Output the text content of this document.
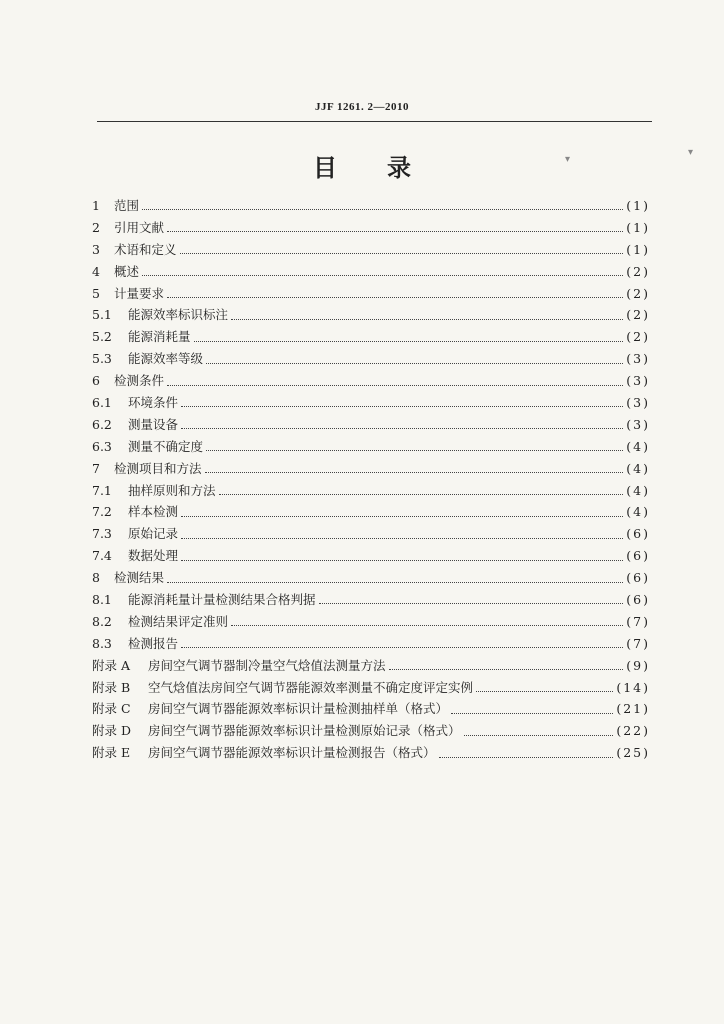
JJF 1261. 2—2010
目录
1	范围	(1)
2	引用文献	(1)
3	术语和定义	(1)
4	概述	(2)
5	计量要求	(2)
5.1	能源效率标识标注	(2)
5.2	能源消耗量	(2)
5.3	能源效率等级	(3)
6	检测条件	(3)
6.1	环境条件	(3)
6.2	测量设备	(3)
6.3	测量不确定度	(4)
7	检测项目和方法	(4)
7.1	抽样原则和方法	(4)
7.2	样本检测	(4)
7.3	原始记录	(6)
7.4	数据处理	(6)
8	检测结果	(6)
8.1	能源消耗量计量检测结果合格判据	(6)
8.2	检测结果评定准则	(7)
8.3	检测报告	(7)
附录 A	房间空气调节器制冷量空气焓值法测量方法	(9)
附录 B	空气焓值法房间空气调节器能源效率测量不确定度评定实例	(14)
附录 C	房间空气调节器能源效率标识计量检测抽样单（格式）	(21)
附录 D	房间空气调节器能源效率标识计量检测原始记录（格式）	(22)
附录 E	房间空气调节器能源效率标识计量检测报告（格式）	(25)
▾
▾
